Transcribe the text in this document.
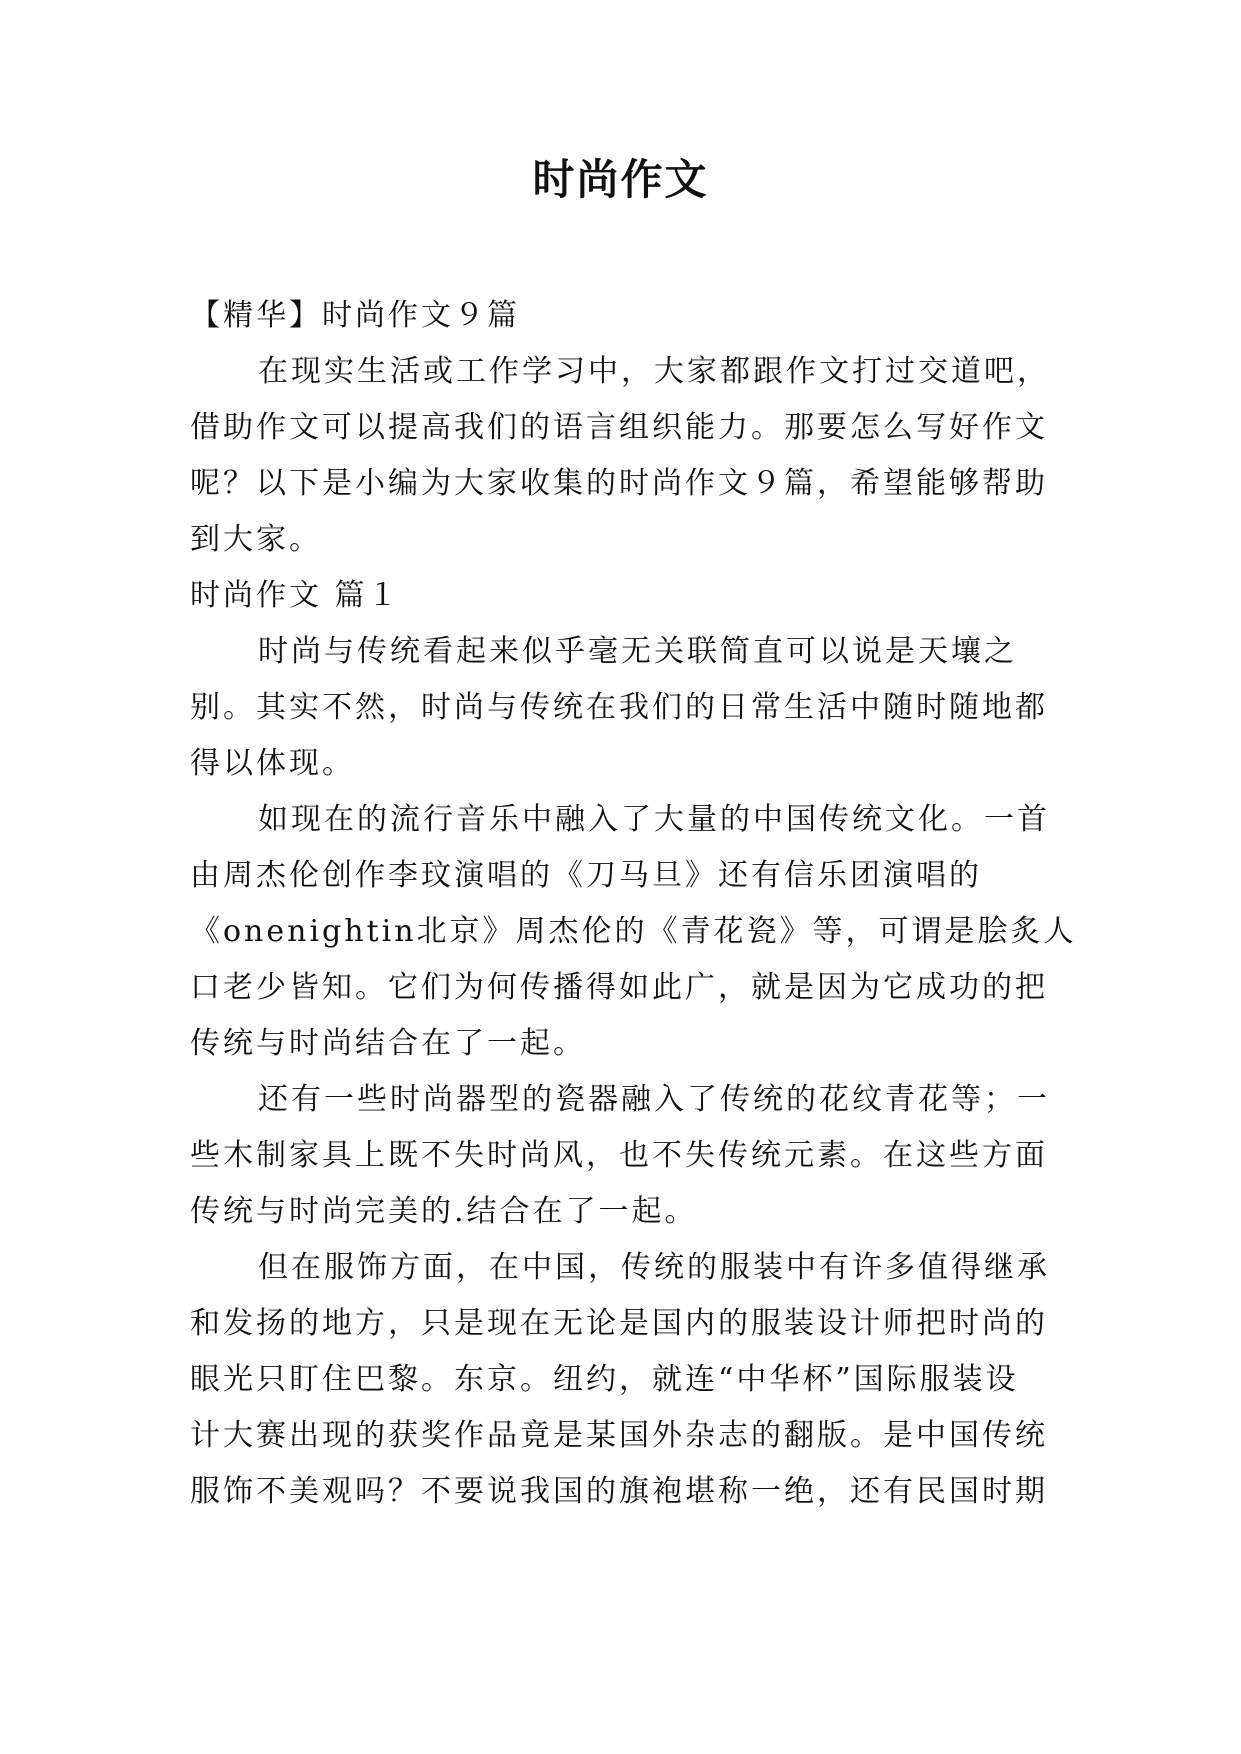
时尚作文
【精华】时尚作文９篇
在现实生活或工作学习中，大家都跟作文打过交道吧，
借助作文可以提高我们的语言组织能力。那要怎么写好作文
呢？以下是小编为大家收集的时尚作文９篇，希望能够帮助
到大家。
时尚作文 篇１
时尚与传统看起来似乎毫无关联简直可以说是天壤之
别。其实不然，时尚与传统在我们的日常生活中随时随地都
得以体现。
如现在的流行音乐中融入了大量的中国传统文化。一首
由周杰伦创作李玟演唱的《刀马旦》还有信乐团演唱的
《onenightin北京》周杰伦的《青花瓷》等，可谓是脍炙人
口老少皆知。它们为何传播得如此广，就是因为它成功的把
传统与时尚结合在了一起。
还有一些时尚器型的瓷器融入了传统的花纹青花等；一
些木制家具上既不失时尚风，也不失传统元素。在这些方面
传统与时尚完美的.结合在了一起。
但在服饰方面，在中国，传统的服装中有许多值得继承
和发扬的地方，只是现在无论是国内的服装设计师把时尚的
眼光只盯住巴黎。东京。纽约，就连“中华杯”国际服装设
计大赛出现的获奖作品竟是某国外杂志的翻版。是中国传统
服饰不美观吗？不要说我国的旗袍堪称一绝，还有民国时期
